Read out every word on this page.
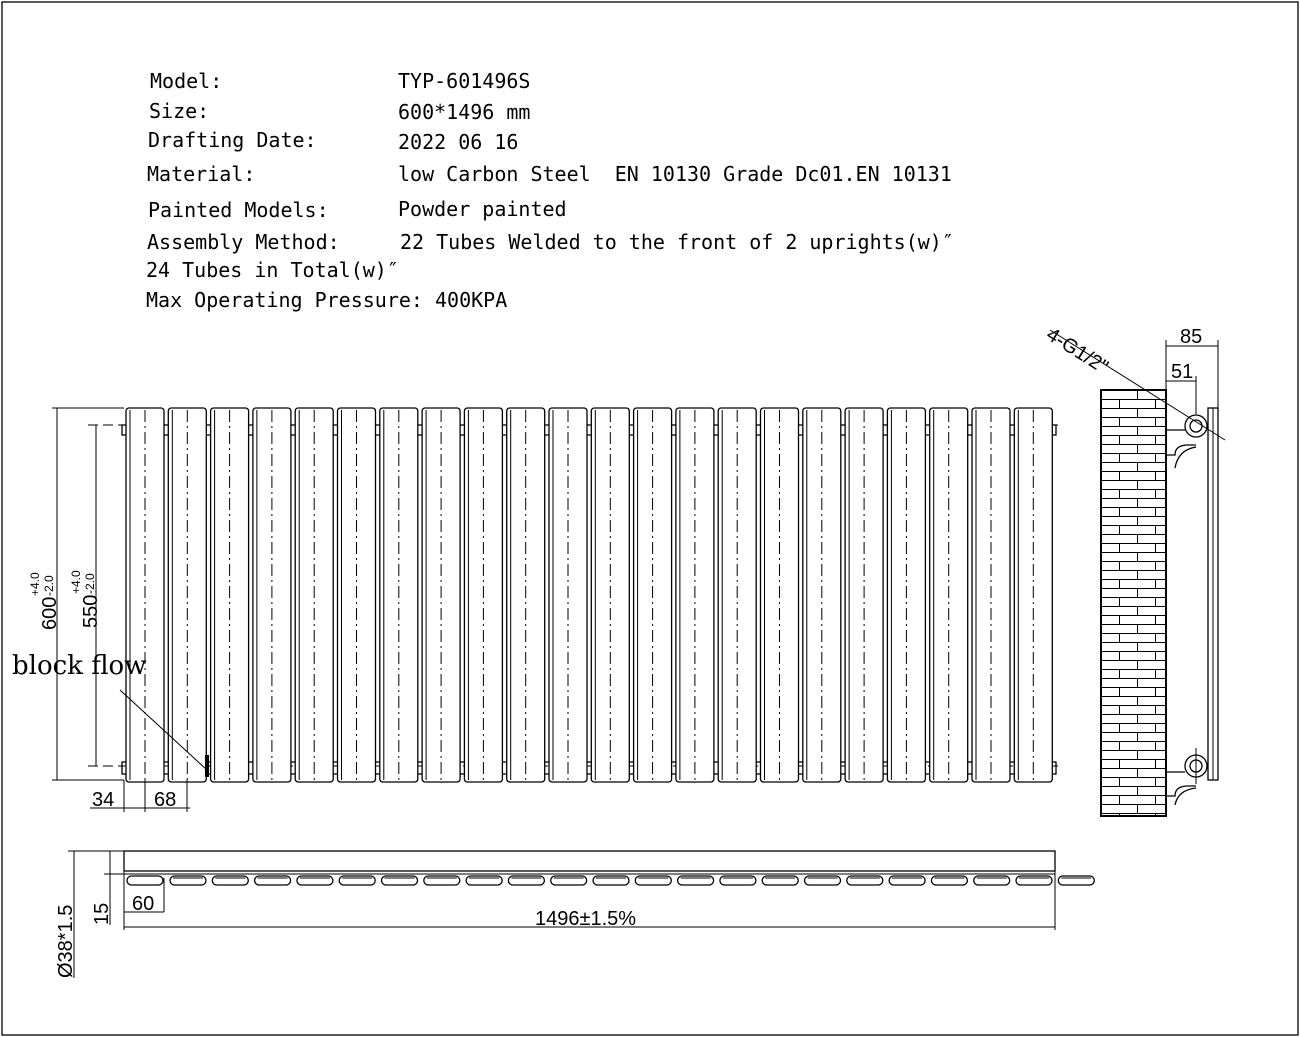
Model:	TYP-601496S
Size:	600*1496 mm
Drafting Date:	2022 06 16
Material:	low Carbon Steel  EN 10130 Grade Dc01.EN 10131
Painted Models:	Powder painted
Assembly Method:	22 Tubes Welded to the front of 2 uprights(w)″
24 Tubes in Total(w)″
Max Operating Pressure: 400KPA
600
+4.0 -2.0
550
+4.0 -2.0
34 68
block flow
4-G1/2"	85
51
Ø38*1.5 15 60
1496±1.5%
